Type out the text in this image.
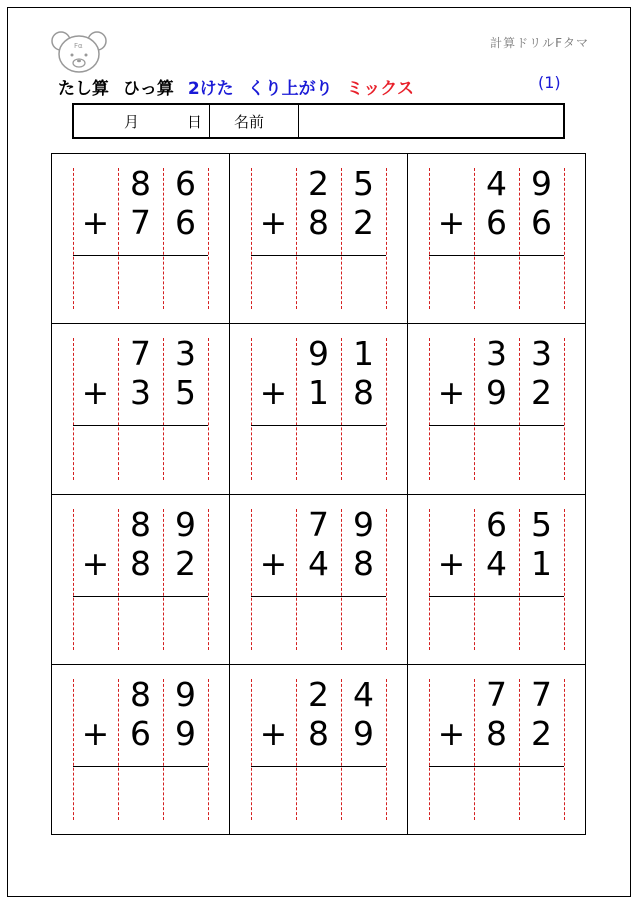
Fα	計算ドリルFタマ
たし算 ひっ算 2けた くり上がり ミックス	(1)
月	日	名前
8 6
+ 7 6
2 5
+ 8 2
4 9
+ 6 6
7 3
+ 3 5
9 1
+ 1 8
3 3
+ 9 2
8 9
+ 8 2
7 9
+ 4 8
6 5
+ 4 1
8 9
+ 6 9
2 4
+ 8 9
7 7
+ 8 2
